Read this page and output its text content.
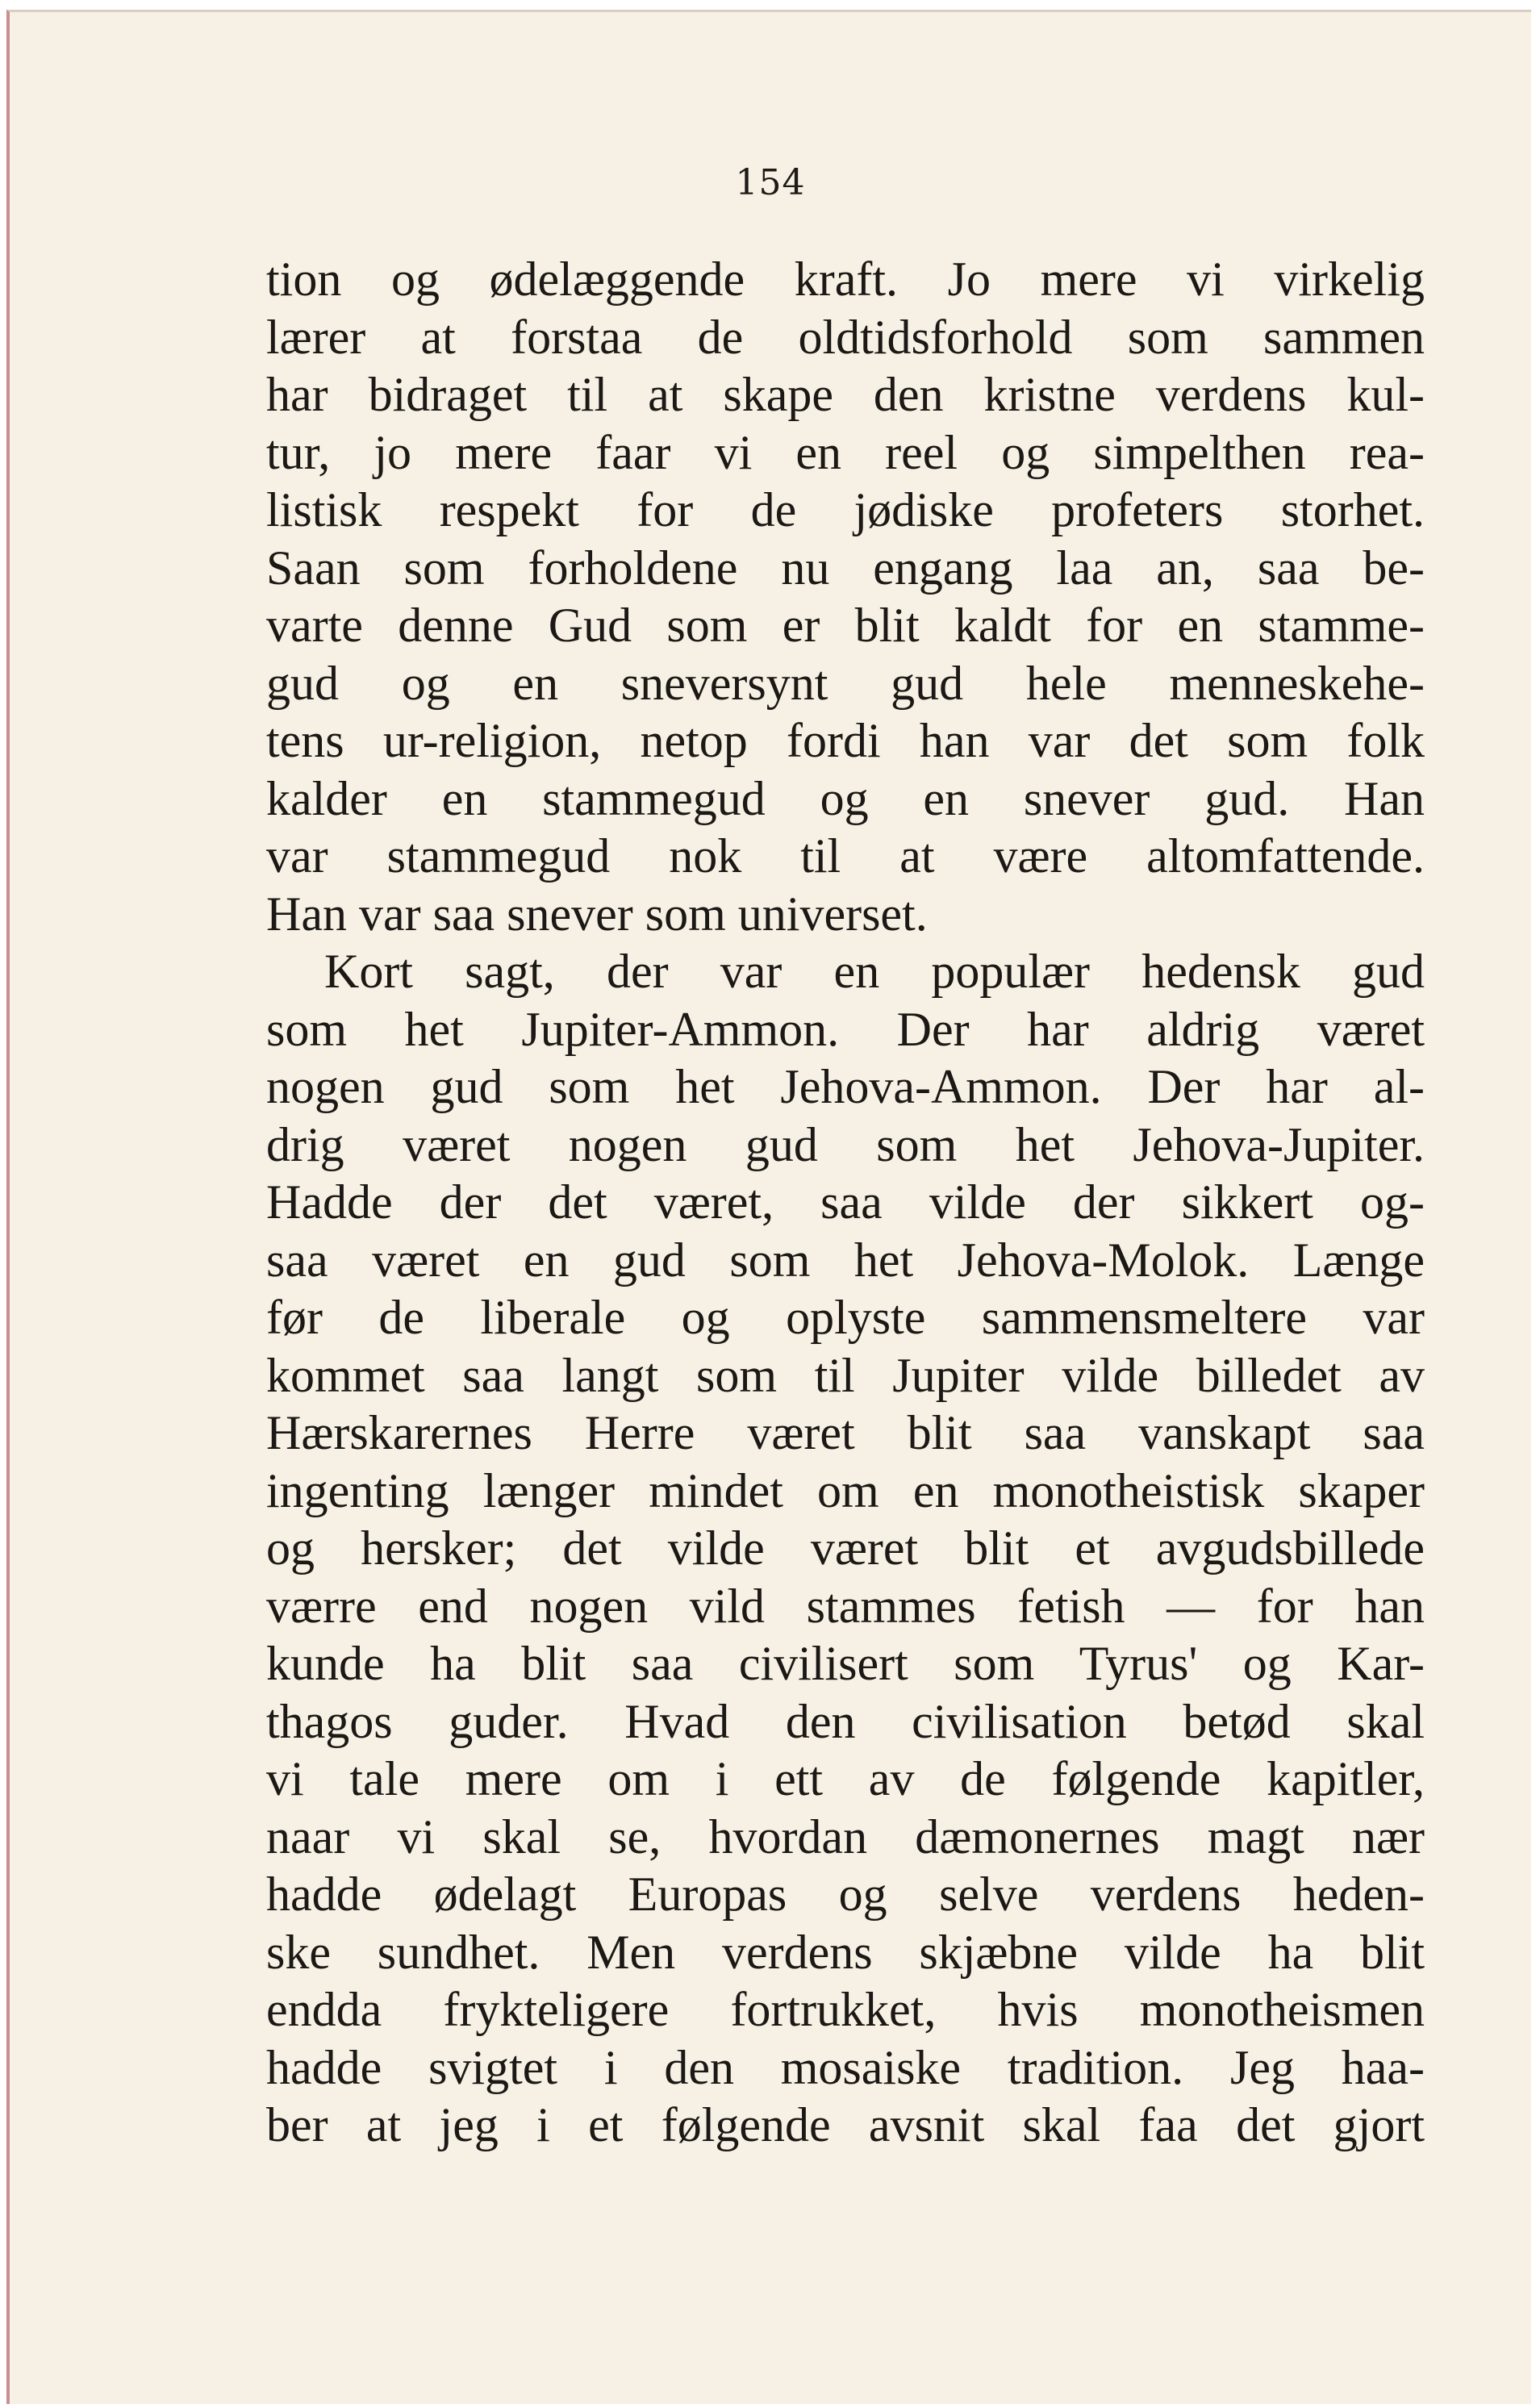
154
tion og ødelæggende kraft. Jo mere vi virkelig
lærer at forstaa de oldtidsforhold som sammen
har bidraget til at skape den kristne verdens kul-
tur, jo mere faar vi en reel og simpelthen rea-
listisk respekt for de jødiske profeters storhet.
Saan som forholdene nu engang laa an, saa be-
varte denne Gud som er blit kaldt for en stamme-
gud og en sneversynt gud hele menneskehe-
tens ur-religion, netop fordi han var det som folk
kalder en stammegud og en snever gud. Han
var stammegud nok til at være altomfattende.
Han var saa snever som universet.
Kort sagt, der var en populær hedensk gud
som het Jupiter-Ammon. Der har aldrig været
nogen gud som het Jehova-Ammon. Der har al-
drig været nogen gud som het Jehova-Jupiter.
Hadde der det været, saa vilde der sikkert og-
saa været en gud som het Jehova-Molok. Længe
før de liberale og oplyste sammensmeltere var
kommet saa langt som til Jupiter vilde billedet av
Hærskarernes Herre været blit saa vanskapt saa
ingenting længer mindet om en monotheistisk skaper
og hersker; det vilde været blit et avgudsbillede
værre end nogen vild stammes fetish — for han
kunde ha blit saa civilisert som Tyrus' og Kar-
thagos guder. Hvad den civilisation betød skal
vi tale mere om i ett av de følgende kapitler,
naar vi skal se, hvordan dæmonernes magt nær
hadde ødelagt Europas og selve verdens heden-
ske sundhet. Men verdens skjæbne vilde ha blit
endda frykteligere fortrukket, hvis monotheismen
hadde svigtet i den mosaiske tradition. Jeg haa-
ber at jeg i et følgende avsnit skal faa det gjort
